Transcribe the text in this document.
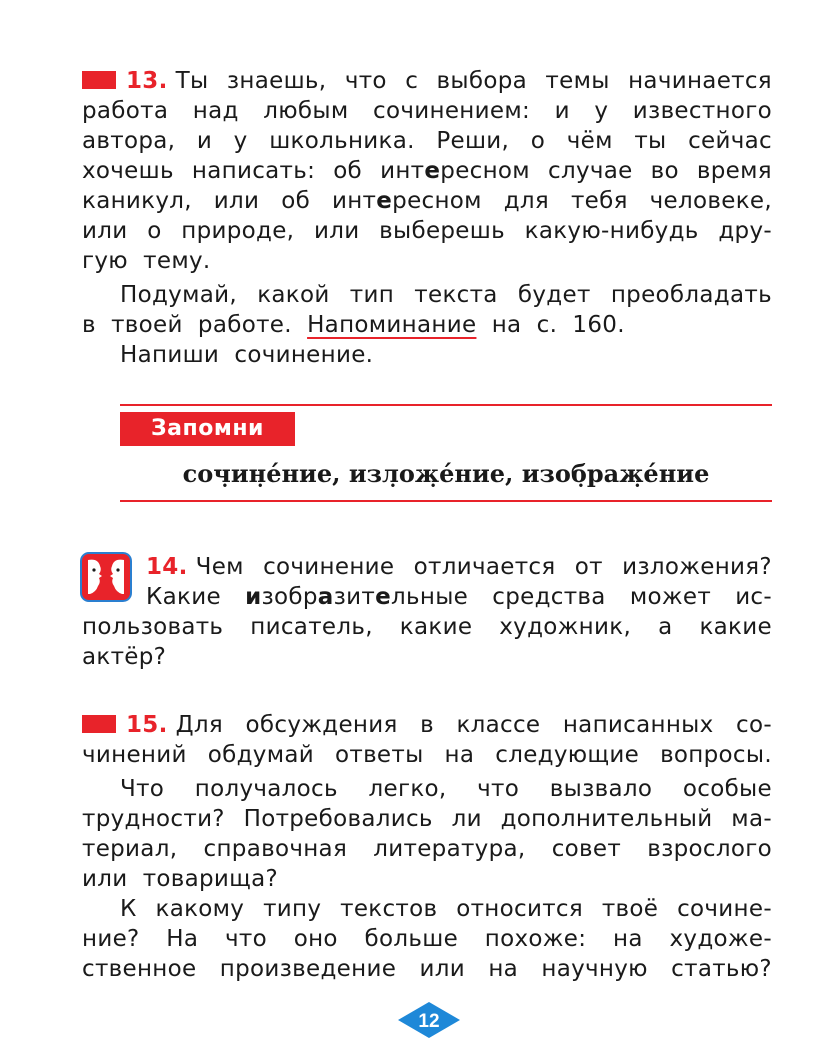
13. Ты знаешь, что с выбора темы начинается
работа над любым сочинением: и у известного
автора, и у школьника. Реши, о чём ты сейчас
хочешь написать: об интересном случае во время
каникул, или об интересном для тебя человеке,
или о природе, или выберешь какую-нибудь дру-
гую  тему.
Подумай, какой тип текста будет преобладать
в  твоей  работе. Напоминание на  с.  160.
Напиши  сочинение.
Запомни
соч̣ин̣е́ние, изл̣ож̣е́ние, изоб̣раж̣е́ние
14. Чем сочинение отличается от изложения?
Какие изобразительные средства может ис-
пользовать писатель, какие художник, а какие
актёр?
15. Для обсуждения в классе написанных со-
чинений обдумай ответы на следующие вопросы.
Что получалось легко, что вызвало особые
трудности? Потребовались ли дополнительный ма-
териал, справочная литература, совет взрослого
или  товарища?
К какому типу текстов относится твоё сочине-
ние? На что оно больше похоже: на художе-
ственное произведение или на научную статью?
12
